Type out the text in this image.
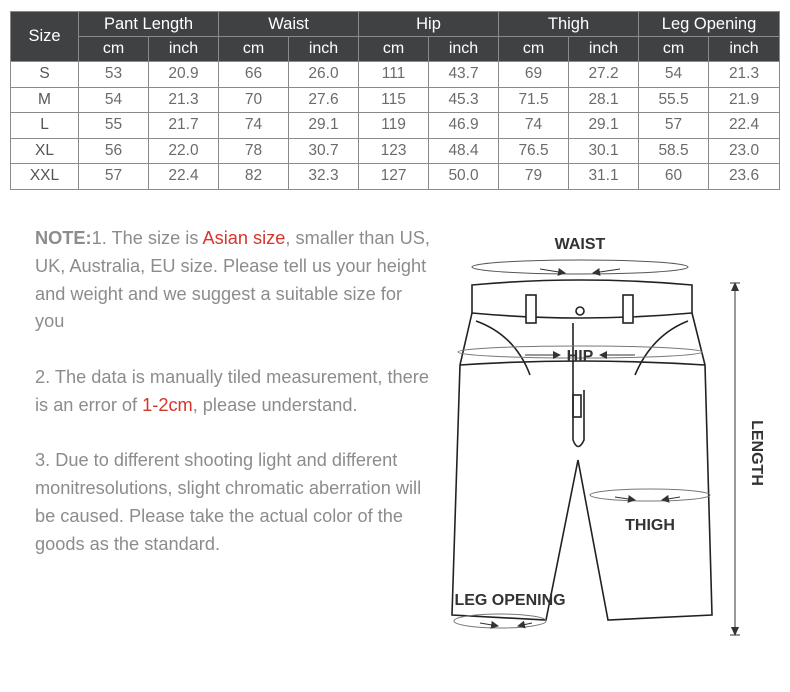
Size	Pant Length		Waist		Hip		Thigh		Leg Opening	
	cm	inch	cm	inch	cm	inch	cm	inch	cm	inch
S	53	20.9	66	26.0	111	43.7	69	27.2	54	21.3
M	54	21.3	70	27.6	115	45.3	71.5	28.1	55.5	21.9
L	55	21.7	74	29.1	119	46.9	74	29.1	57	22.4
XL	56	22.0	78	30.7	123	48.4	76.5	30.1	58.5	23.0
XXL	57	22.4	82	32.3	127	50.0	79	31.1	60	23.6

NOTE:1. The size is Asian size, smaller than US, UK, Australia, EU size. Please tell us your height and weight and we suggest a suitable size for you

2. The data is manually tiled measurement, there is an error of 1-2cm, please understand.

3. Due to different shooting light and different monitresolutions, slight chromatic aberration will be caused. Please take the actual color of the goods as the standard.

WAIST
HIP
THIGH
LEG OPENING
LENGTH
